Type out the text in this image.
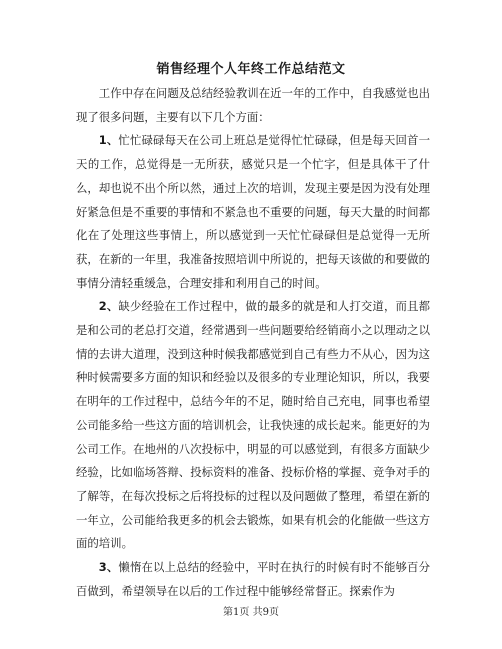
销售经理个人年终工作总结范文

工作中存在问题及总结经验教训在近一年的工作中，自我感觉也出现了很多问题，主要有以下几个方面：

1、忙忙碌碌每天在公司上班总是觉得忙忙碌碌，但是每天回首一天的工作，总觉得是一无所获，感觉只是一个忙字，但是具体干了什么，却也说不出个所以然，通过上次的培训，发现主要是因为没有处理好紧急但是不重要的事情和不紧急也不重要的问题，每天大量的时间都化在了处理这些事情上，所以感觉到一天忙忙碌碌但是总觉得一无所获，在新的一年里，我准备按照培训中所说的，把每天该做的和要做的事情分清轻重缓急，合理安排和利用自己的时间。

2、缺少经验在工作过程中，做的最多的就是和人打交道，而且都是和公司的老总打交道，经常遇到一些问题要给经销商小之以理动之以情的去讲大道理，没到这种时候我都感觉到自己有些力不从心，因为这种时候需要多方面的知识和经验以及很多的专业理论知识，所以，我要在明年的工作过程中，总结今年的不足，随时给自己充电，同事也希望公司能多给一些这方面的培训机会，让我快速的成长起来。能更好的为公司工作。在地州的八次投标中，明显的可以感觉到，有很多方面缺少经验，比如临场答辩、投标资料的准备、投标价格的掌握、竞争对手的了解等，在每次投标之后将投标的过程以及问题做了整理，希望在新的一年立，公司能给我更多的机会去锻炼，如果有机会的化能做一些这方面的培训。

3、懒惰在以上总结的经验中，平时在执行的时候有时不能够百分百做到，希望领导在以后的工作过程中能够经常督正。探索作为

第1页 共9页
